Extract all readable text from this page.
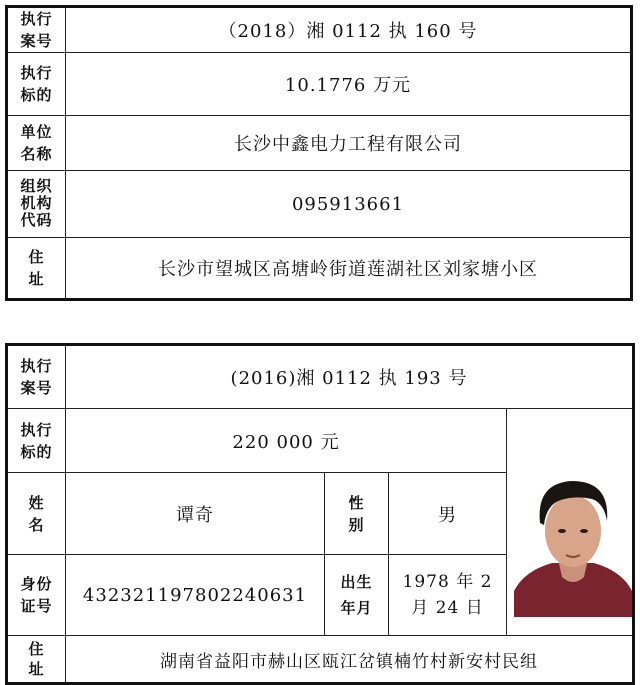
执行案号	（2018）湘 0112 执 160 号
执行标的	10.1776 万元
单位名称	长沙中鑫电力工程有限公司
组织机构代码	095913661
住址	长沙市望城区高塘岭街道莲湖社区刘家塘小区
执行案号	(2016)湘 0112 执 193 号			
执行标的	220 000 元	

姓名	谭奇	性别	男	
身份证号	432321197802240631	出生年月	1978 年 2 月 24 日	
住址	湖南省益阳市赫山区瓯江岔镇楠竹村新安村民组			
